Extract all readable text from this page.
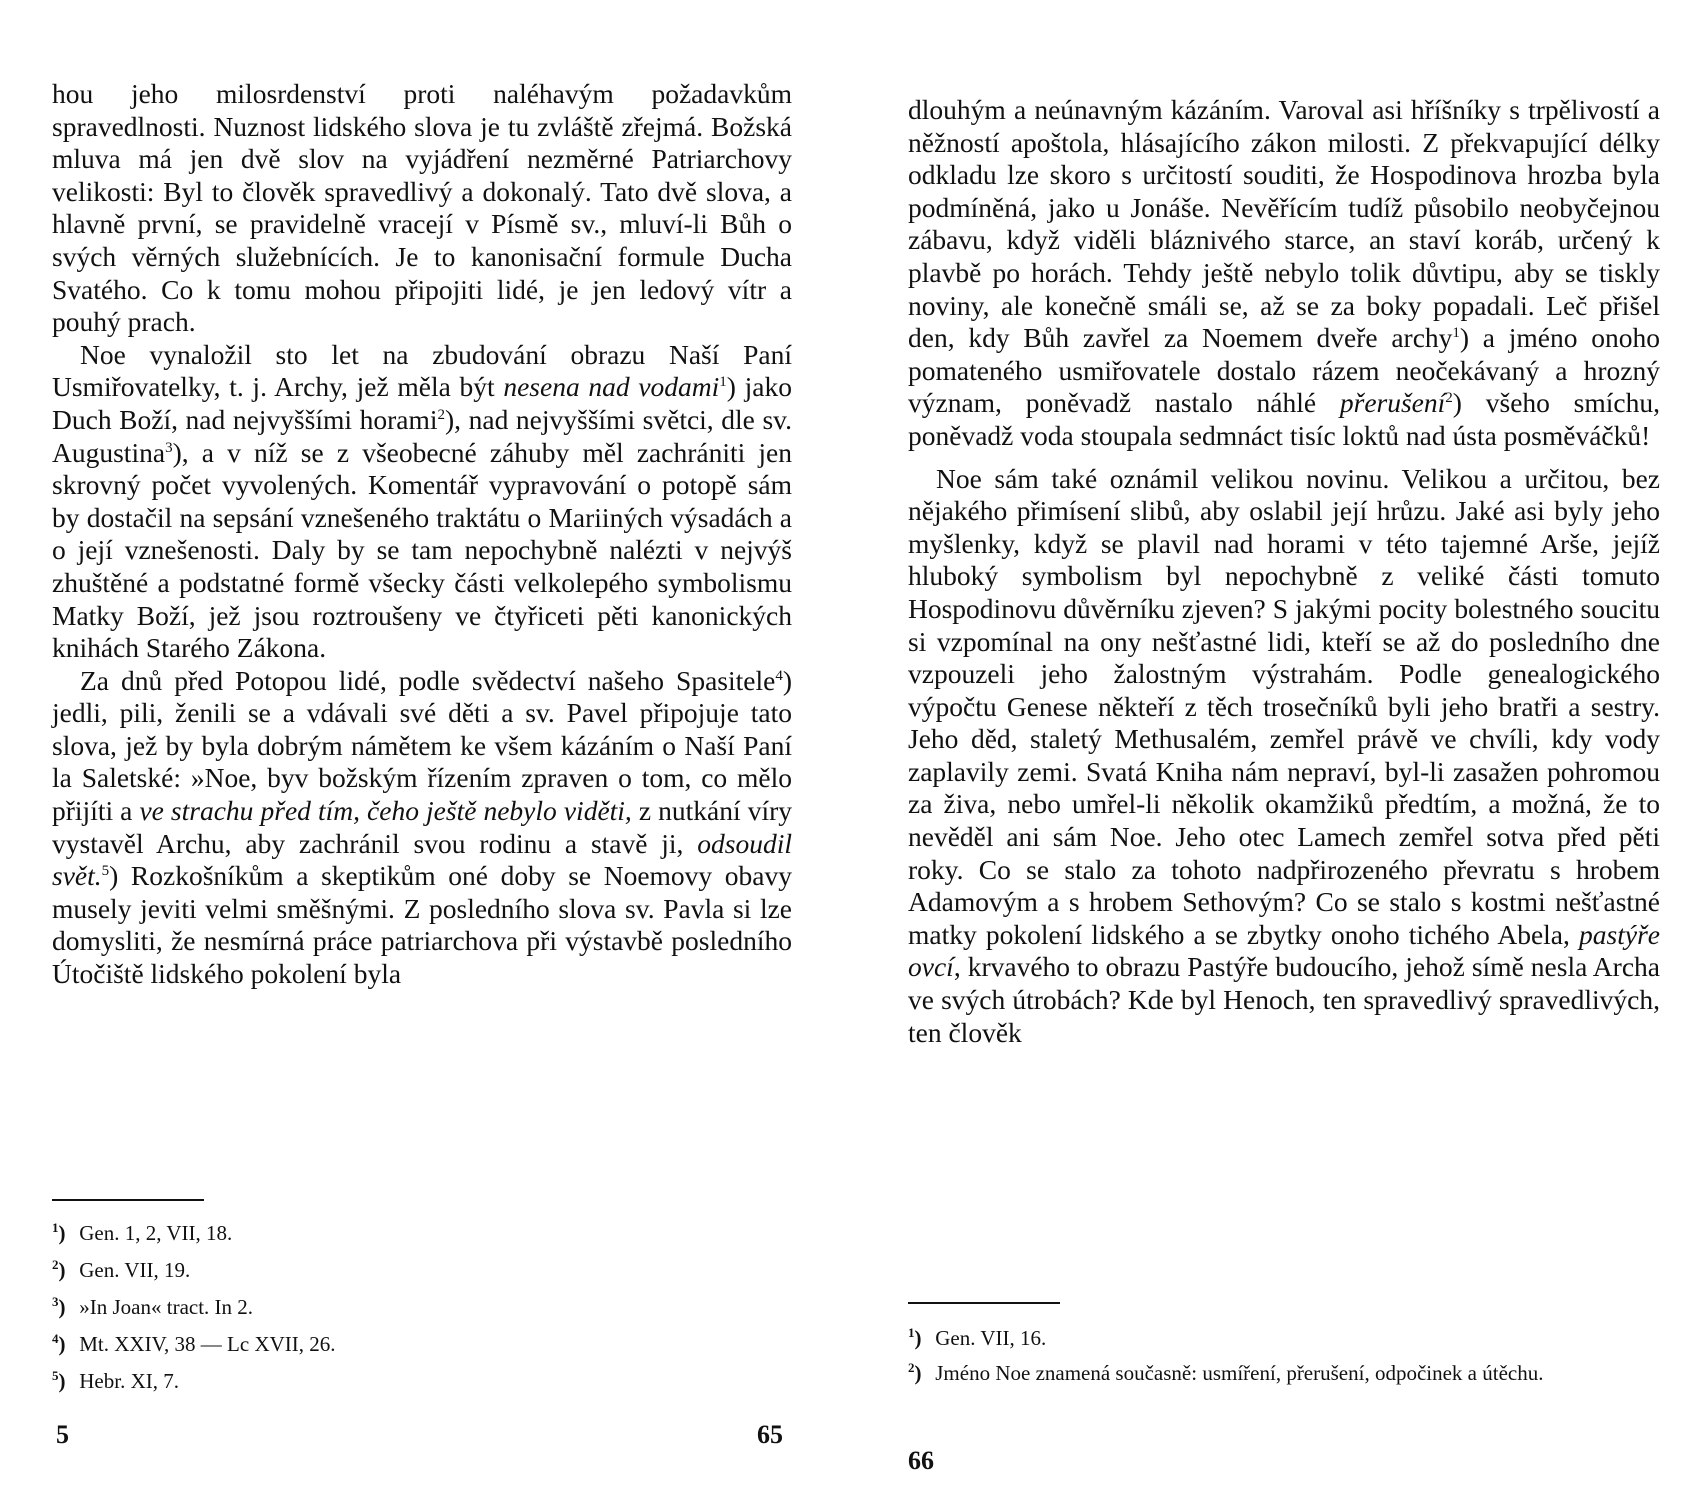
hou jeho milosrdenství proti naléhavým požadavkům spravedlnosti. Nuznost lidského slova je tu zvláště zřejmá. Božská mluva má jen dvě slov na vyjádření nezměrné Patriarchovy velikosti: Byl to člověk spravedlivý a dokonalý. Tato dvě slova, a hlavně první, se pravidelně vracejí v Písmě sv., mluví-li Bůh o svých věrných služebnících. Je to kanonisační formule Ducha Svatého. Co k tomu mohou připojiti lidé, je jen ledový vítr a pouhý prach.

Noe vynaložil sto let na zbudování obrazu Naší Paní Usmiřovatelky, t. j. Archy, jež měla být nesena nad vodami$^1$) jako Duch Boží, nad nejvyššími horami$^2$), nad nejvyššími světci, dle sv. Augustina$^3$), a v níž se z všeobecné záhuby měl zachrániti jen skrovný počet vyvolených. Komentář vypravování o potopě sám by dostačil na sepsání vznešeného traktátu o Mariiných výsadách a o její vznešenosti. Daly by se tam nepochybně nalézti v nejvýš zhuštěné a podstatné formě všecky části velkolepého symbolismu Matky Boží, jež jsou roztroušeny ve čtyřiceti pěti kanonických knihách Starého Zákona.

Za dnů před Potopou lidé, podle svědectví našeho Spasitele$^4$) jedli, pili, ženili se a vdávali své děti a sv. Pavel připojuje tato slova, jež by byla dobrým námětem ke všem kázáním o Naší Paní la Saletské: »Noe, byv božským řízením zpraven o tom, co mělo přijíti a ve strachu před tím, čeho ještě nebylo viděti, z nutkání víry vystavěl Archu, aby zachránil svou rodinu a stavě ji, odsoudil svět.$^5$) Rozkošníkům a skeptikům oné doby se Noemovy obavy musely jeviti velmi směšnými. Z posledního slova sv. Pavla si lze domysliti, že nesmírná práce patriarchova při výstavbě posledního Útočiště lidského pokolení byla

$^1$) Gen. 1, 2, VII, 18.
$^2$) Gen. VII, 19.
$^3$) »In Joan« tract. In 2.
$^4$) Mt. XXIV, 38 — Lc XVII, 26.
$^5$) Hebr. XI, 7.
5	65

dlouhým a neúnavným kázáním. Varoval asi hříšníky s trpělivostí a něžností apoštola, hlásajícího zákon milosti. Z překvapující délky odkladu lze skoro s určitostí souditi, že Hospodinova hrozba byla podmíněná, jako u Jonáše. Nevěřícím tudíž působilo neobyčejnou zábavu, když viděli bláznivého starce, an staví koráb, určený k plavbě po horách. Tehdy ještě nebylo tolik důvtipu, aby se tiskly noviny, ale konečně smáli se, až se za boky popadali. Leč přišel den, kdy Bůh zavřel za Noemem dveře archy$^1$) a jméno onoho pomateného usmiřovatele dostalo rázem neočekávaný a hrozný význam, poněvadž nastalo náhlé přerušení$^2$) všeho smíchu, poněvadž voda stoupala sedmnáct tisíc loktů nad ústa posměváčků!

Noe sám také oznámil velikou novinu. Velikou a určitou, bez nějakého přimísení slibů, aby oslabil její hrůzu. Jaké asi byly jeho myšlenky, když se plavil nad horami v této tajemné Arše, jejíž hluboký symbolism byl nepochybně z veliké části tomuto Hospodinovu důvěrníku zjeven? S jakými pocity bolestného soucitu si vzpomínal na ony nešťastné lidi, kteří se až do posledního dne vzpouzeli jeho žalostným výstrahám. Podle genealogického výpočtu Genese někteří z těch trosečníků byli jeho bratři a sestry. Jeho děd, staletý Methusalém, zemřel právě ve chvíli, kdy vody zaplavily zemi. Svatá Kniha nám nepraví, byl-li zasažen pohromou za živa, nebo umřel-li několik okamžiků předtím, a možná, že to nevěděl ani sám Noe. Jeho otec Lamech zemřel sotva před pěti roky. Co se stalo za tohoto nadpřirozeného převratu s hrobem Adamovým a s hrobem Sethovým? Co se stalo s kostmi nešťastné matky pokolení lidského a se zbytky onoho tichého Abela, pastýře ovcí, krvavého to obrazu Pastýře budoucího, jehož símě nesla Archa ve svých útrobách? Kde byl Henoch, ten spravedlivý spravedlivých, ten člověk

$^1$) Gen. VII, 16.
$^2$) Jméno Noe znamená současně: usmíření, přerušení, odpočinek a útěchu.
66
